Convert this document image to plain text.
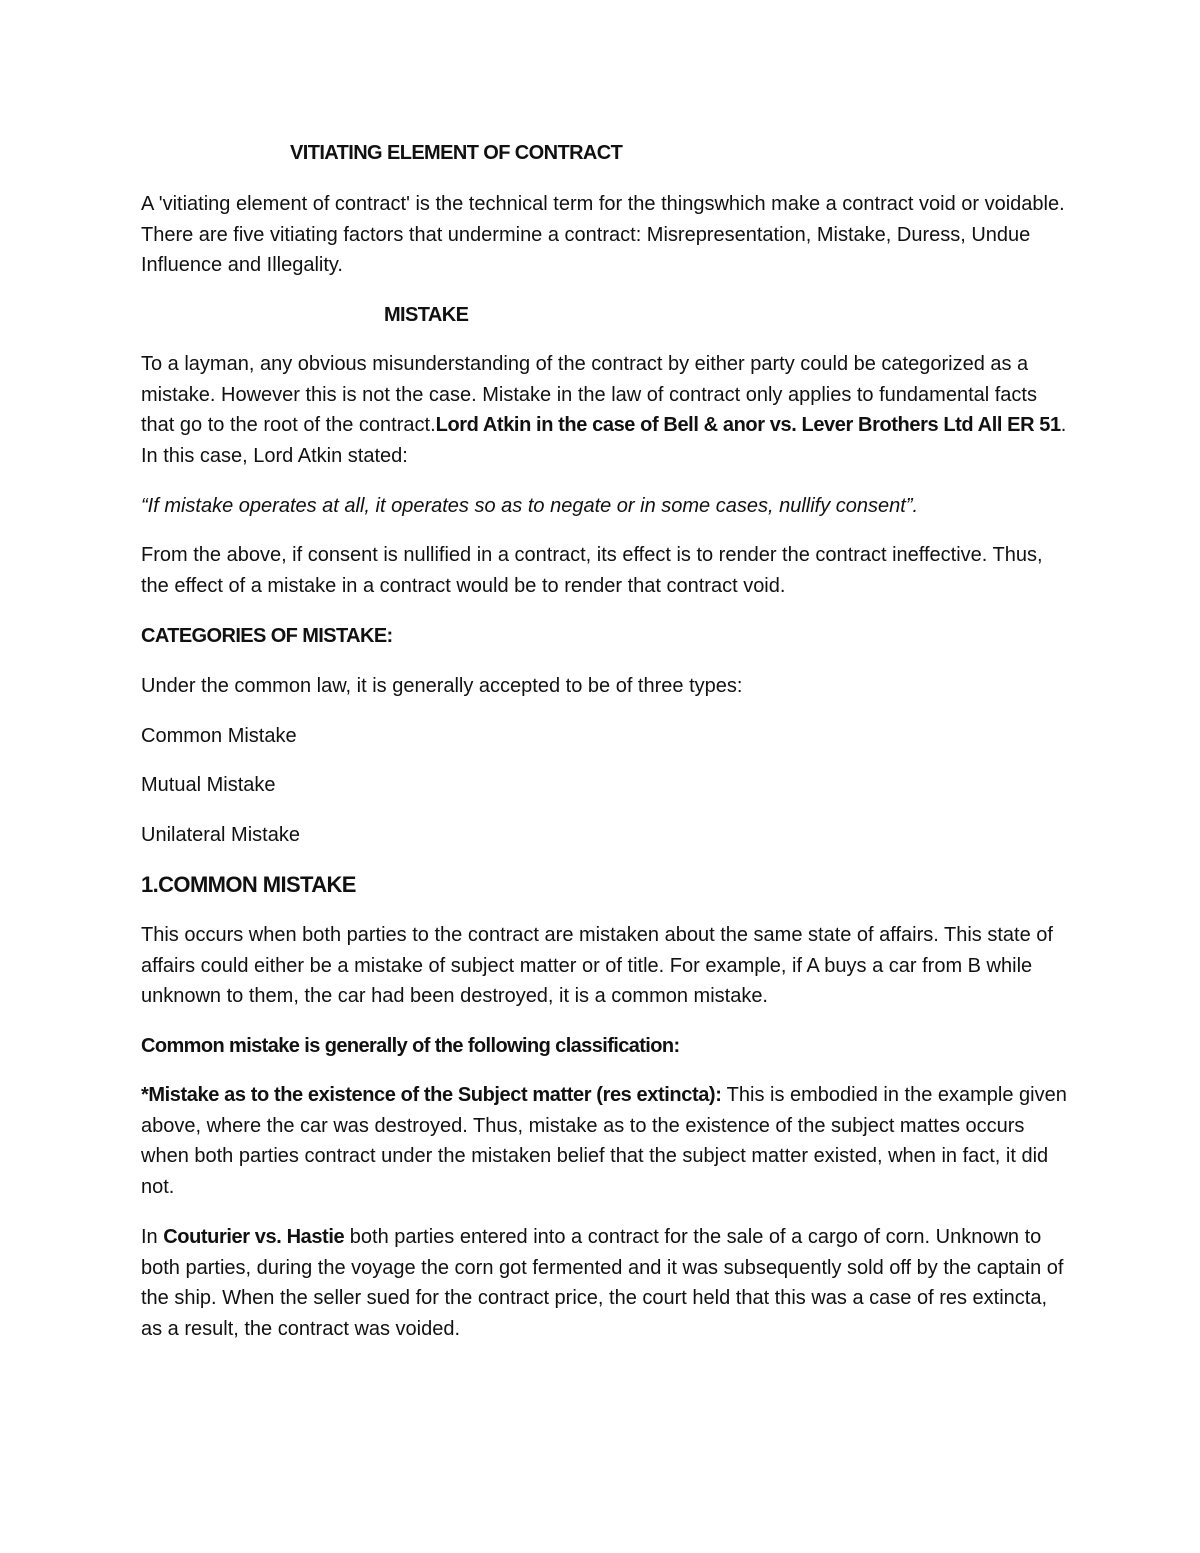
VITIATING ELEMENT OF CONTRACT

A 'vitiating element of contract' is the technical term for the thingswhich make a contract void or voidable. There are five vitiating factors that undermine a contract: Misrepresentation, Mistake, Duress, Undue Influence and Illegality.

MISTAKE

To a layman, any obvious misunderstanding of the contract by either party could be categorized as a mistake. However this is not the case. Mistake in the law of contract only applies to fundamental facts that go to the root of the contract.Lord Atkin in the case of Bell & anor vs. Lever Brothers Ltd All ER 51. In this case, Lord Atkin stated:

“If mistake operates at all, it operates so as to negate or in some cases, nullify consent”.

From the above, if consent is nullified in a contract, its effect is to render the contract ineffective. Thus, the effect of a mistake in a contract would be to render that contract void.

CATEGORIES OF MISTAKE:

Under the common law, it is generally accepted to be of three types:

Common Mistake

Mutual Mistake

Unilateral Mistake

1.COMMON MISTAKE

This occurs when both parties to the contract are mistaken about the same state of affairs. This state of affairs could either be a mistake of subject matter or of title. For example, if A buys a car from B while unknown to them, the car had been destroyed, it is a common mistake.

Common mistake is generally of the following classification:

*Mistake as to the existence of the Subject matter (res extincta): This is embodied in the example given above, where the car was destroyed. Thus, mistake as to the existence of the subject mattes occurs when both parties contract under the mistaken belief that the subject matter existed, when in fact, it did not.

In Couturier vs. Hastie both parties entered into a contract for the sale of a cargo of corn. Unknown to both parties, during the voyage the corn got fermented and it was subsequently sold off by the captain of the ship. When the seller sued for the contract price, the court held that this was a case of res extincta, as a result, the contract was voided.
